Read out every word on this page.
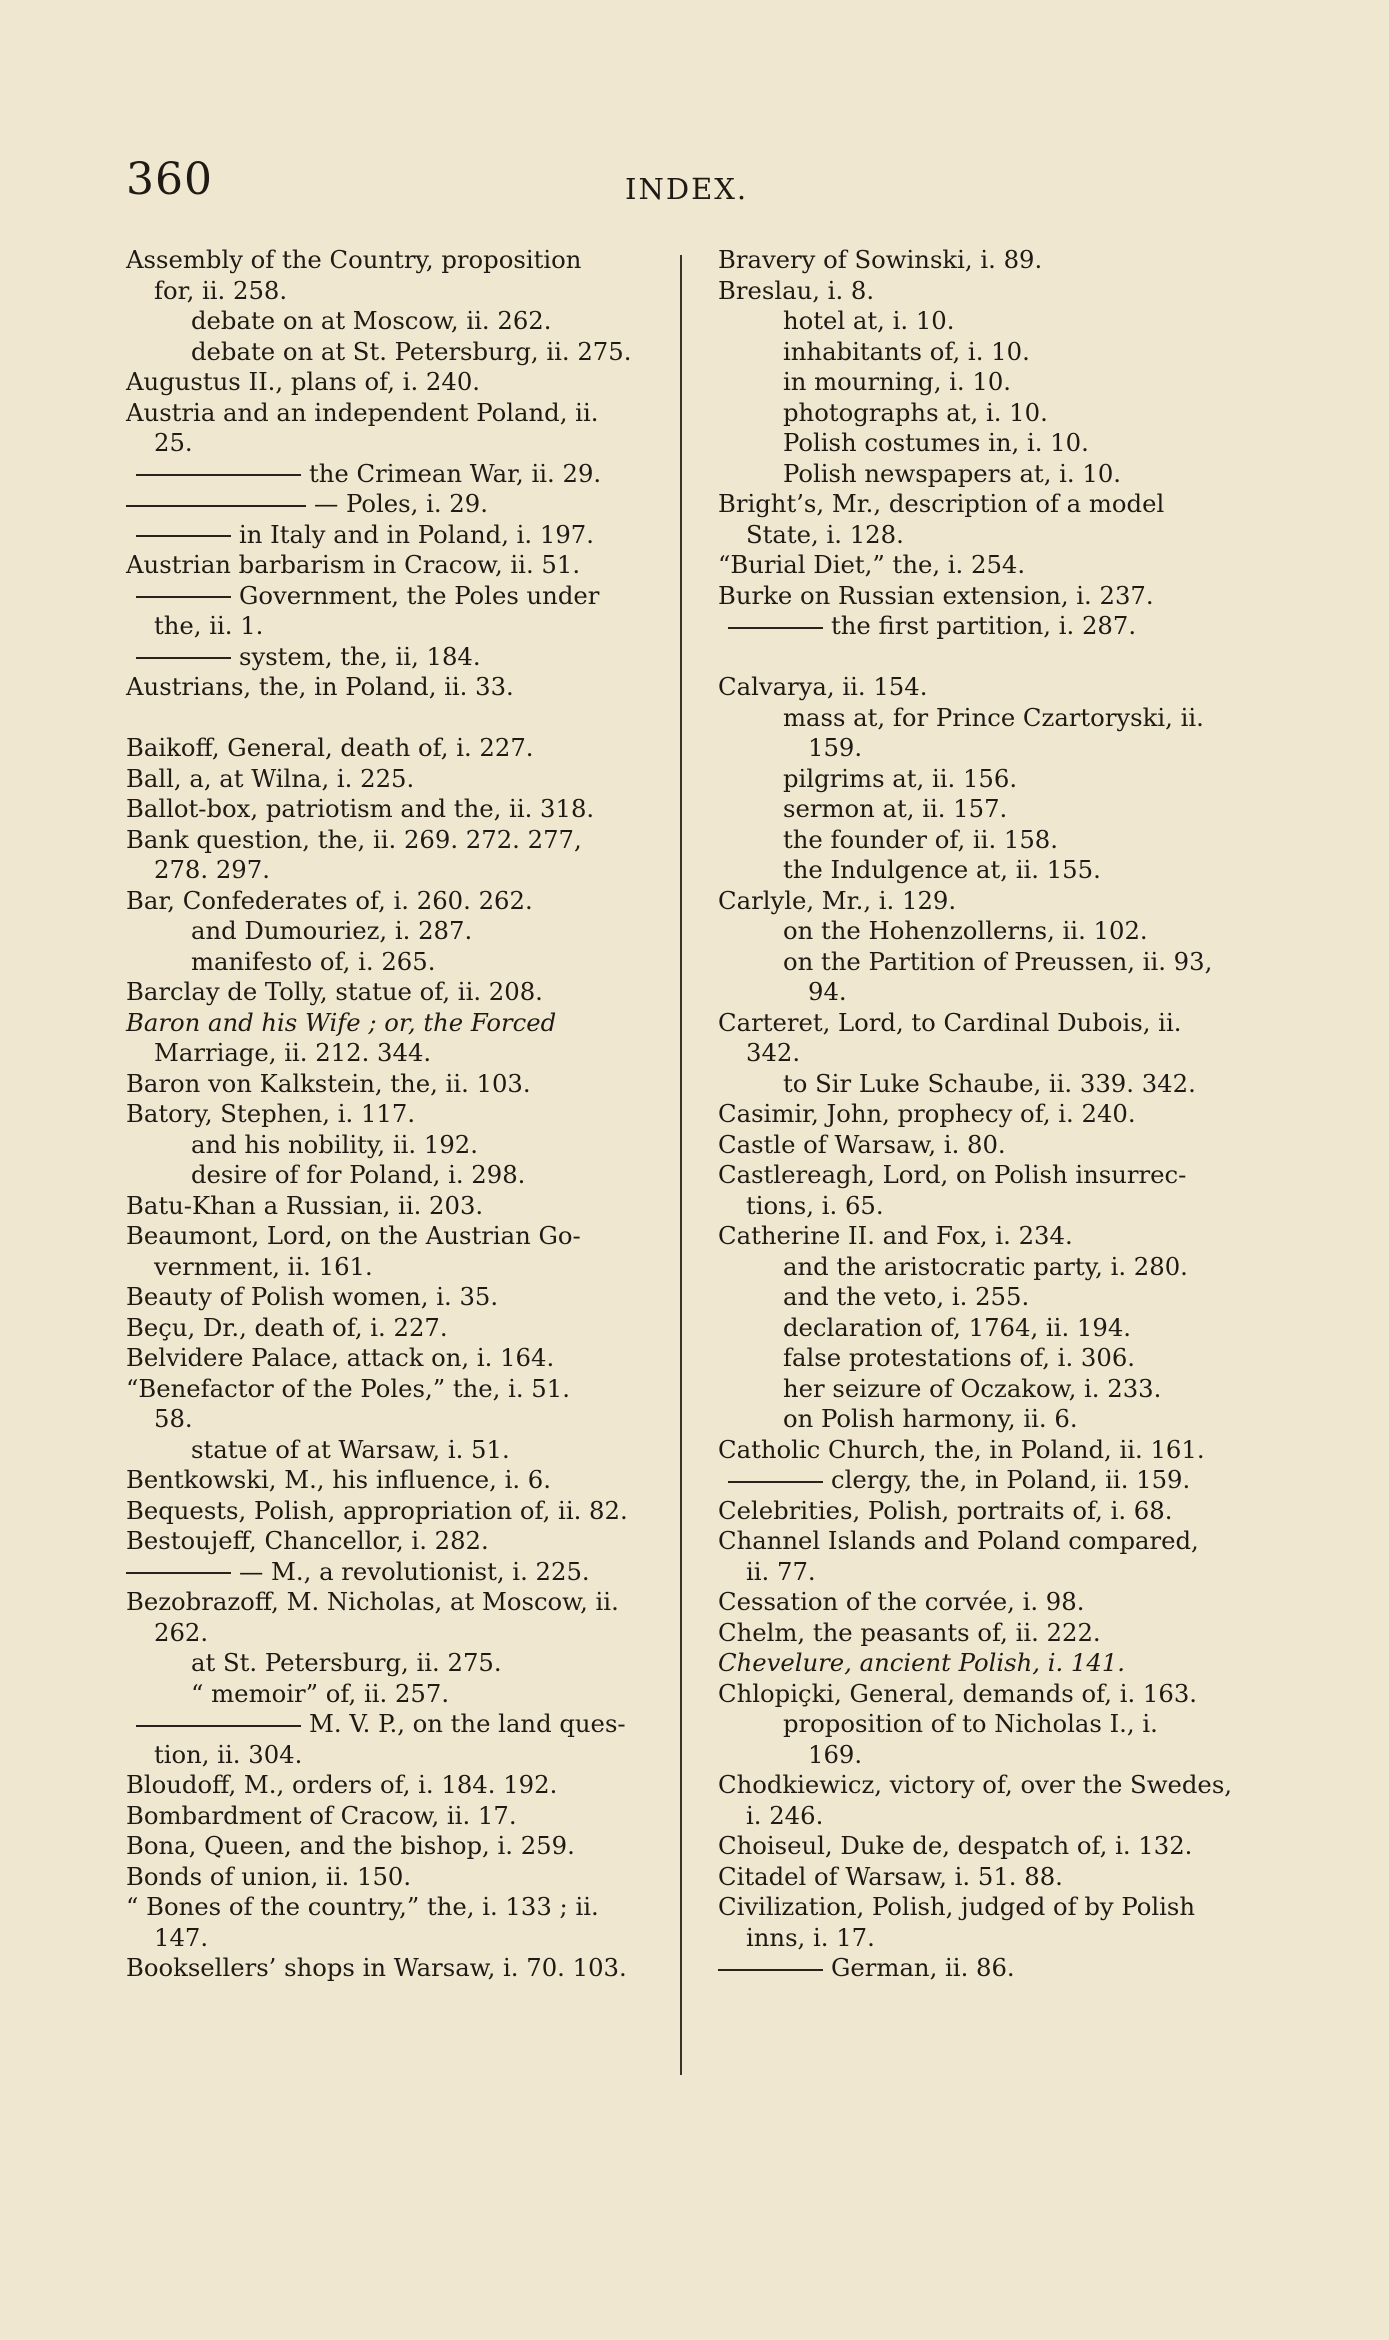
360	INDEX.
Assembly of the Country, proposition
for, ii. 258.
debate on at Moscow, ii. 262.
debate on at St. Petersburg, ii. 275.
Augustus II., plans of, i. 240.
Austria and an independent Poland, ii.
25.
the Crimean War, ii. 29.
— Poles, i. 29.
in Italy and in Poland, i. 197.
Austrian barbarism in Cracow, ii. 51.
Government, the Poles under
the, ii. 1.
system, the, ii, 184.
Austrians, the, in Poland, ii. 33.
Baikoff, General, death of, i. 227.
Ball, a, at Wilna, i. 225.
Ballot-box, patriotism and the, ii. 318.
Bank question, the, ii. 269. 272. 277,
278. 297.
Bar, Confederates of, i. 260. 262.
and Dumouriez, i. 287.
manifesto of, i. 265.
Barclay de Tolly, statue of, ii. 208.
Baron and his Wife ; or, the Forced
Marriage, ii. 212. 344.
Baron von Kalkstein, the, ii. 103.
Batory, Stephen, i. 117.
and his nobility, ii. 192.
desire of for Poland, i. 298.
Batu-Khan a Russian, ii. 203.
Beaumont, Lord, on the Austrian Go-
vernment, ii. 161.
Beauty of Polish women, i. 35.
Beçu, Dr., death of, i. 227.
Belvidere Palace, attack on, i. 164.
“Benefactor of the Poles,” the, i. 51.
58.
statue of at Warsaw, i. 51.
Bentkowski, M., his influence, i. 6.
Bequests, Polish, appropriation of, ii. 82.
Bestoujeff, Chancellor, i. 282.
— M., a revolutionist, i. 225.
Bezobrazoff, M. Nicholas, at Moscow, ii.
262.
at St. Petersburg, ii. 275.
“ memoir” of, ii. 257.
M. V. P., on the land ques-
tion, ii. 304.
Bloudoff, M., orders of, i. 184. 192.
Bombardment of Cracow, ii. 17.
Bona, Queen, and the bishop, i. 259.
Bonds of union, ii. 150.
“ Bones of the country,” the, i. 133 ; ii.
147.
Booksellers’ shops in Warsaw, i. 70. 103.
Bravery of Sowinski, i. 89.
Breslau, i. 8.
hotel at, i. 10.
inhabitants of, i. 10.
in mourning, i. 10.
photographs at, i. 10.
Polish costumes in, i. 10.
Polish newspapers at, i. 10.
Bright’s, Mr., description of a model
State, i. 128.
“Burial Diet,” the, i. 254.
Burke on Russian extension, i. 237.
the first partition, i. 287.
Calvarya, ii. 154.
mass at, for Prince Czartoryski, ii.
159.
pilgrims at, ii. 156.
sermon at, ii. 157.
the founder of, ii. 158.
the Indulgence at, ii. 155.
Carlyle, Mr., i. 129.
on the Hohenzollerns, ii. 102.
on the Partition of Preussen, ii. 93,
94.
Carteret, Lord, to Cardinal Dubois, ii.
342.
to Sir Luke Schaube, ii. 339. 342.
Casimir, John, prophecy of, i. 240.
Castle of Warsaw, i. 80.
Castlereagh, Lord, on Polish insurrec-
tions, i. 65.
Catherine II. and Fox, i. 234.
and the aristocratic party, i. 280.
and the veto, i. 255.
declaration of, 1764, ii. 194.
false protestations of, i. 306.
her seizure of Oczakow, i. 233.
on Polish harmony, ii. 6.
Catholic Church, the, in Poland, ii. 161.
clergy, the, in Poland, ii. 159.
Celebrities, Polish, portraits of, i. 68.
Channel Islands and Poland compared,
ii. 77.
Cessation of the corvée, i. 98.
Chelm, the peasants of, ii. 222.
Chevelure, ancient Polish, i. 141.
Chlopiçki, General, demands of, i. 163.
proposition of to Nicholas I., i.
169.
Chodkiewicz, victory of, over the Swedes,
i. 246.
Choiseul, Duke de, despatch of, i. 132.
Citadel of Warsaw, i. 51. 88.
Civilization, Polish, judged of by Polish
inns, i. 17.
German, ii. 86.
